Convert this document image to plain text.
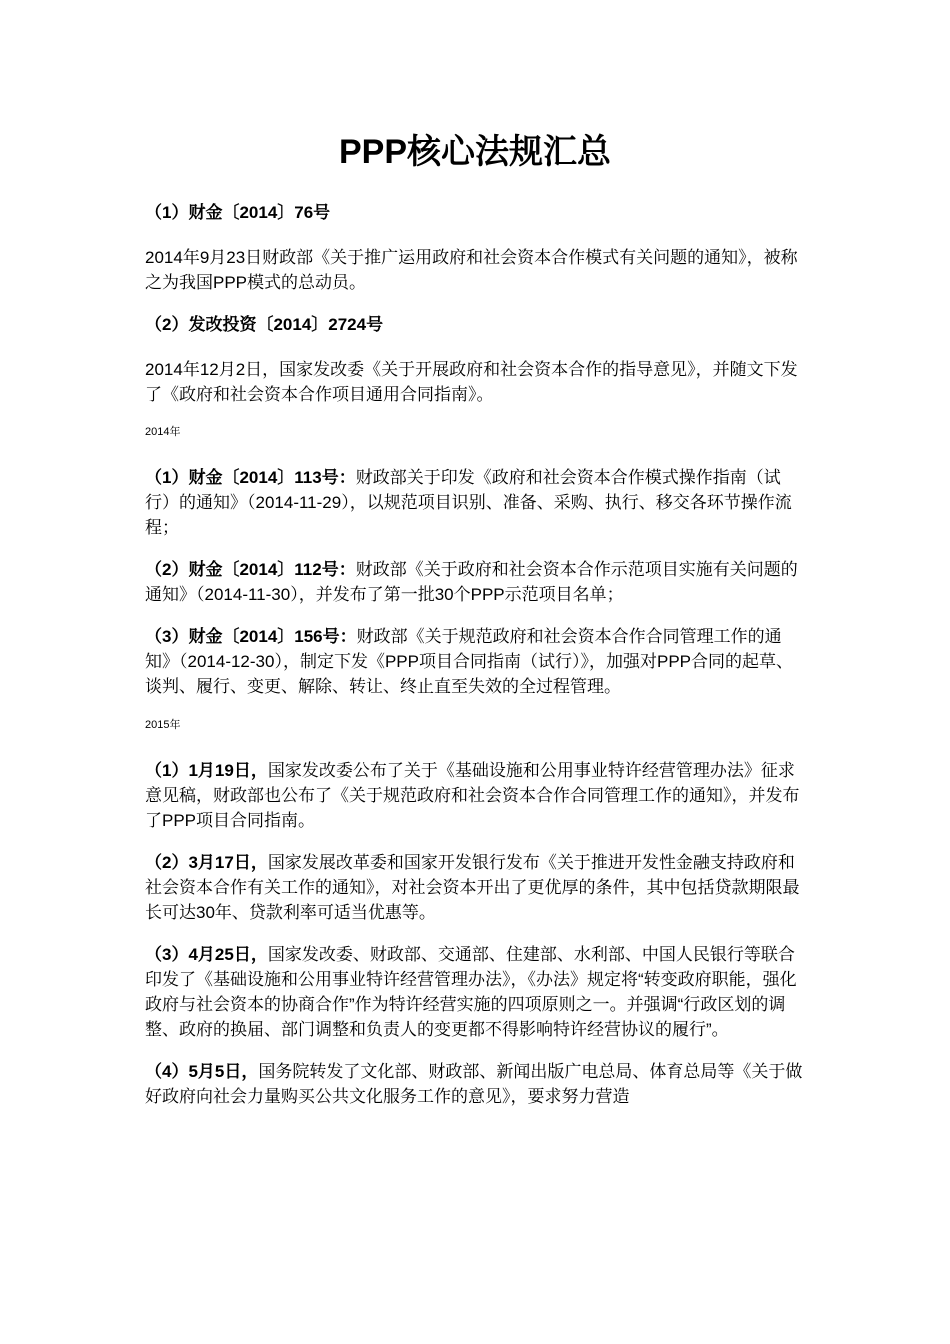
PPP核心法规汇总

（1）财金〔2014〕76号

2014年9月23日财政部《关于推广运用政府和社会资本合作模式有关问题的通知》，被称之为我国PPP模式的总动员。

（2）发改投资〔2014〕2724号

2014年12月2日，国家发改委《关于开展政府和社会资本合作的指导意见》，并随文下发了《政府和社会资本合作项目通用合同指南》。

2014年

（1）财金〔2014〕113号：财政部关于印发《政府和社会资本合作模式操作指南（试行）的通知》（2014-11-29），以规范项目识别、准备、采购、执行、移交各环节操作流程；

（2）财金〔2014〕112号：财政部《关于政府和社会资本合作示范项目实施有关问题的通知》（2014-11-30），并发布了第一批30个PPP示范项目名单；

（3）财金〔2014〕156号：财政部《关于规范政府和社会资本合作合同管理工作的通知》（2014-12-30），制定下发《PPP项目合同指南（试行）》，加强对PPP合同的起草、谈判、履行、变更、解除、转让、终止直至失效的全过程管理。

2015年

（1）1月19日，国家发改委公布了关于《基础设施和公用事业特许经营管理办法》征求意见稿，财政部也公布了《关于规范政府和社会资本合作合同管理工作的通知》，并发布了PPP项目合同指南。

（2）3月17日，国家发展改革委和国家开发银行发布《关于推进开发性金融支持政府和社会资本合作有关工作的通知》，对社会资本开出了更优厚的条件，其中包括贷款期限最长可达30年、贷款利率可适当优惠等。

（3）4月25日，国家发改委、财政部、交通部、住建部、水利部、中国人民银行等联合印发了《基础设施和公用事业特许经营管理办法》，《办法》规定将“转变政府职能，强化政府与社会资本的协商合作”作为特许经营实施的四项原则之一。并强调“行政区划的调整、政府的换届、部门调整和负责人的变更都不得影响特许经营协议的履行”。

（4）5月5日，国务院转发了文化部、财政部、新闻出版广电总局、体育总局等《关于做好政府向社会力量购买公共文化服务工作的意见》，要求努力营造
